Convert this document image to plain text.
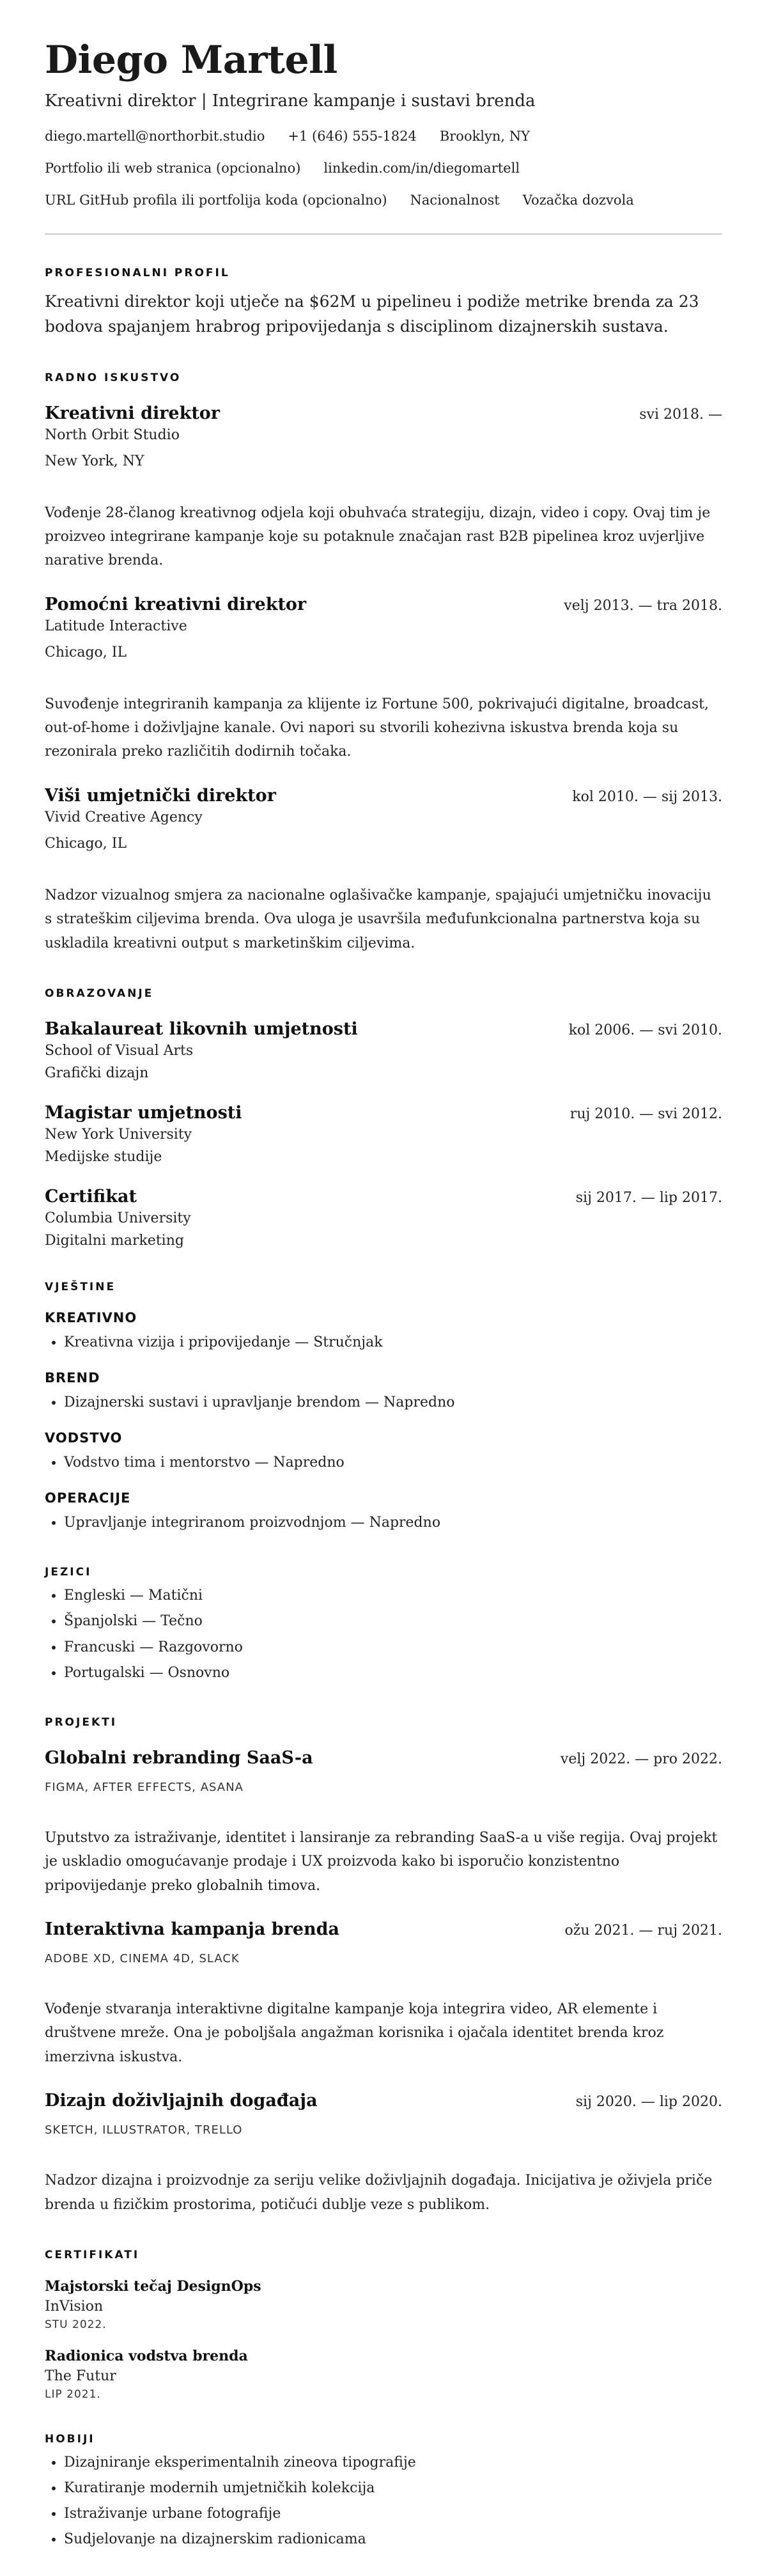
Diego Martell
Kreativni direktor | Integrirane kampanje i sustavi brenda
diego.martell@northorbit.studio +1 (646) 555-1824 Brooklyn, NY
Portfolio ili web stranica (opcionalno) linkedin.com/in/diegomartell
URL GitHub profila ili portfolija koda (opcionalno) Nacionalnost Vozačka dozvola
PROFESIONALNI PROFIL
Kreativni direktor koji utječe na $62M u pipelineu i podiže metrike brenda za 23 bodova spajanjem hrabrog pripovijedanja s disciplinom dizajnerskih sustava.
RADNO ISKUSTVO
Kreativni direktor	svi 2018. —
North Orbit Studio
New York, NY
Vođenje 28-članog kreativnog odjela koji obuhvaća strategiju, dizajn, video i copy. Ovaj tim je proizveo integrirane kampanje koje su potaknule značajan rast B2B pipelinea kroz uvjerljive narative brenda.
Pomoćni kreativni direktor	velj 2013. — tra 2018.
Latitude Interactive
Chicago, IL
Suvođenje integriranih kampanja za klijente iz Fortune 500, pokrivajući digitalne, broadcast, out-of-home i doživljajne kanale. Ovi napori su stvorili kohezivna iskustva brenda koja su rezonirala preko različitih dodirnih točaka.
Viši umjetnički direktor	kol 2010. — sij 2013.
Vivid Creative Agency
Chicago, IL
Nadzor vizualnog smjera za nacionalne oglašivačke kampanje, spajajući umjetničku inovaciju s strateškim ciljevima brenda. Ova uloga je usavršila međufunkcionalna partnerstva koja su uskladila kreativni output s marketinškim ciljevima.
OBRAZOVANJE
Bakalaureat likovnih umjetnosti	kol 2006. — svi 2010.
School of Visual Arts
Grafički dizajn
Magistar umjetnosti	ruj 2010. — svi 2012.
New York University
Medijske studije
Certifikat	sij 2017. — lip 2017.
Columbia University
Digitalni marketing
VJEŠTINE
KREATIVNO
• Kreativna vizija i pripovijedanje — Stručnjak
BREND
• Dizajnerski sustavi i upravljanje brendom — Napredno
VODSTVO
• Vodstvo tima i mentorstvo — Napredno
OPERACIJE
• Upravljanje integriranom proizvodnjom — Napredno
JEZICI
• Engleski — Matični
• Španjolski — Tečno
• Francuski — Razgovorno
• Portugalski — Osnovno
PROJEKTI
Globalni rebranding SaaS-a	velj 2022. — pro 2022.
FIGMA, AFTER EFFECTS, ASANA
Uputstvo za istraživanje, identitet i lansiranje za rebranding SaaS-a u više regija. Ovaj projekt je uskladio omogućavanje prodaje i UX proizvoda kako bi isporučio konzistentno pripovijedanje preko globalnih timova.
Interaktivna kampanja brenda	ožu 2021. — ruj 2021.
ADOBE XD, CINEMA 4D, SLACK
Vođenje stvaranja interaktivne digitalne kampanje koja integrira video, AR elemente i društvene mreže. Ona je poboljšala angažman korisnika i ojačala identitet brenda kroz imerzivna iskustva.
Dizajn doživljajnih događaja	sij 2020. — lip 2020.
SKETCH, ILLUSTRATOR, TRELLO
Nadzor dizajna i proizvodnje za seriju velike doživljajnih događaja. Inicijativa je oživjela priče brenda u fizičkim prostorima, potičući dublje veze s publikom.
CERTIFIKATI
Majstorski tečaj DesignOps
InVision
STU 2022.
Radionica vodstva brenda
The Futur
LIP 2021.
HOBIJI
• Dizajniranje eksperimentalnih zineova tipografije
• Kuratiranje modernih umjetničkih kolekcija
• Istraživanje urbane fotografije
• Sudjelovanje na dizajnerskim radionicama
